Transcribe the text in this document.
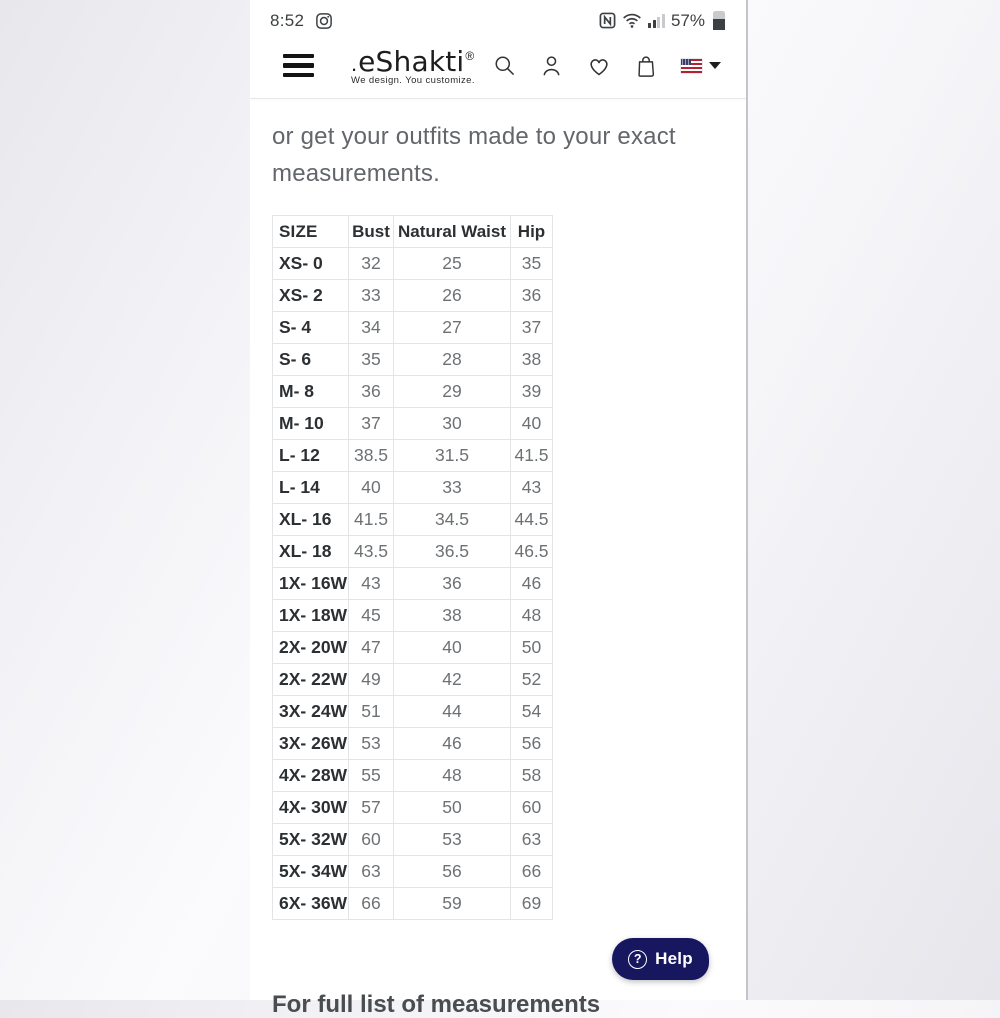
8:52	57%
. eShakti ®
We design. You customize.
or get your outfits made to your exact measurements.
SIZE	Bust	Natural Waist	Hip
XS- 0	32	25	35
XS- 2	33	26	36
S- 4	34	27	37
S- 6	35	28	38
M- 8	36	29	39
M- 10	37	30	40
L- 12	38.5	31.5	41.5
L- 14	40	33	43
XL- 16	41.5	34.5	44.5
XL- 18	43.5	36.5	46.5
1X- 16W	43	36	46
1X- 18W	45	38	48
2X- 20W	47	40	50
2X- 22W	49	42	52
3X- 24W	51	44	54
3X- 26W	53	46	56
4X- 28W	55	48	58
4X- 30W	57	50	60
5X- 32W	60	53	63
5X- 34W	63	56	66
6X- 36W	66	59	69
? Help
For full list of measurements
